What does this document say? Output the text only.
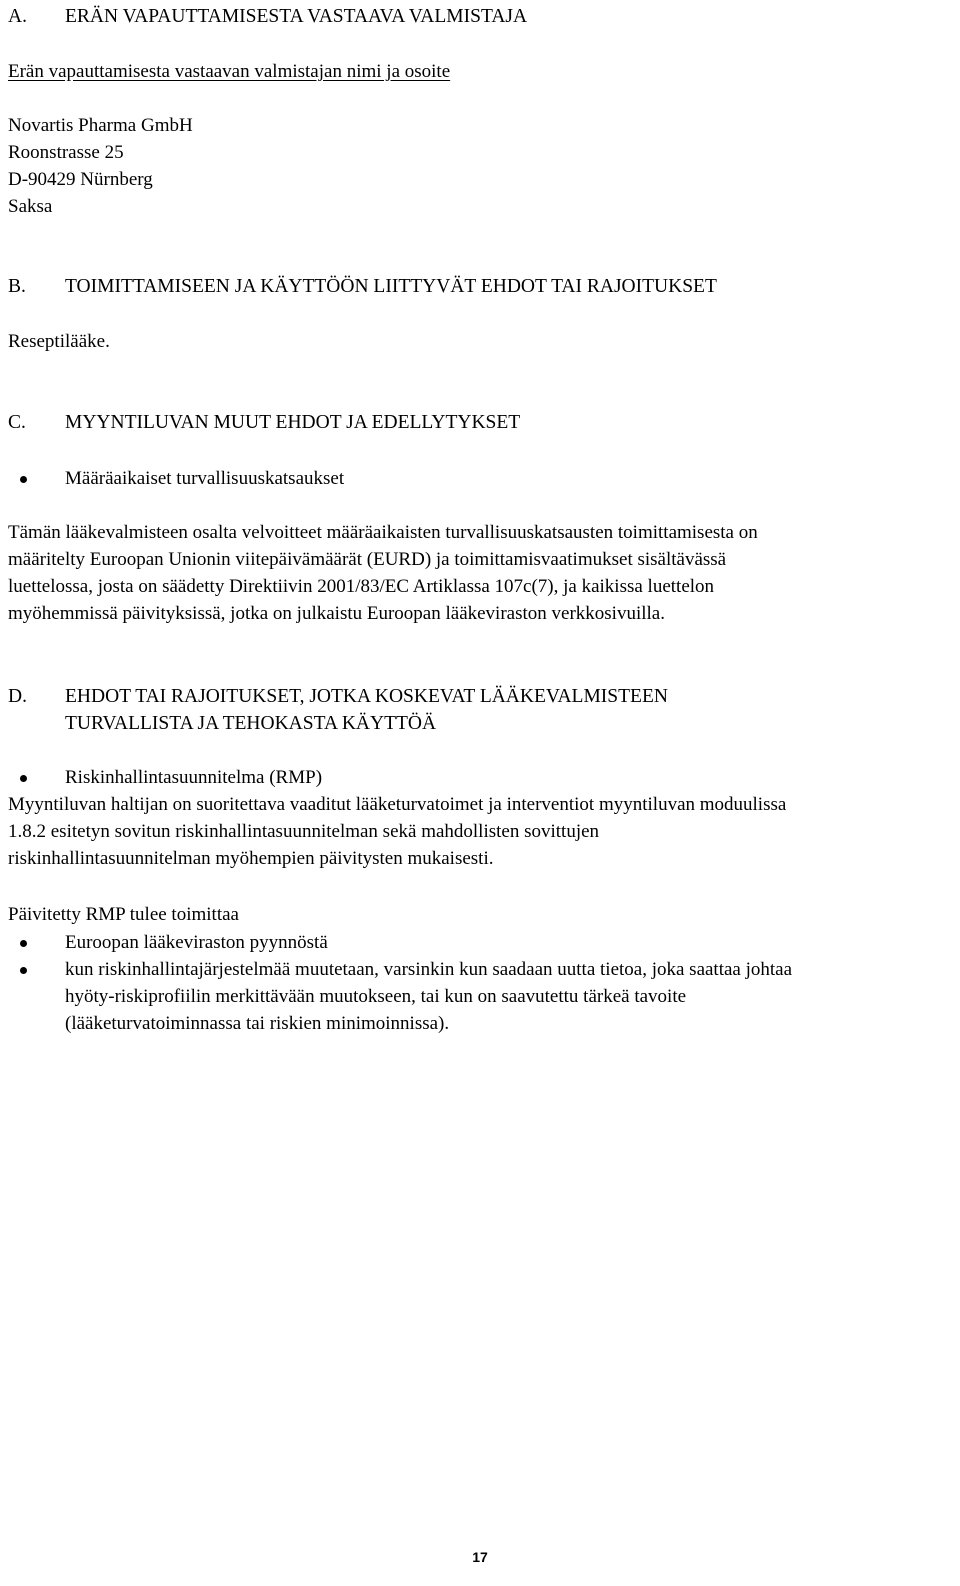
A. ERÄN VAPAUTTAMISESTA VASTAAVA VALMISTAJA
Erän vapauttamisesta vastaavan valmistajan nimi ja osoite
Novartis Pharma GmbH
Roonstrasse 25
D-90429 Nürnberg
Saksa
B. TOIMITTAMISEEN JA KÄYTTÖÖN LIITTYVÄT EHDOT TAI RAJOITUKSET
Reseptilääke.
C. MYYNTILUVAN MUUT EHDOT JA EDELLYTYKSET
Määräaikaiset turvallisuuskatsaukset
Tämän lääkevalmisteen osalta velvoitteet määräaikaisten turvallisuuskatsausten toimittamisesta on
määritelty Euroopan Unionin viitepäivämäärät (EURD) ja toimittamisvaatimukset sisältävässä
luettelossa, josta on säädetty Direktiivin 2001/83/EC Artiklassa 107c(7), ja kaikissa luettelon
myöhemmissä päivityksissä, jotka on julkaistu Euroopan lääkeviraston verkkosivuilla.
D. EHDOT TAI RAJOITUKSET, JOTKA KOSKEVAT LÄÄKEVALMISTEEN
TURVALLISTA JA TEHOKASTA KÄYTTÖÄ
Riskinhallintasuunnitelma (RMP)
Myyntiluvan haltijan on suoritettava vaaditut lääketurvatoimet ja interventiot myyntiluvan moduulissa
1.8.2 esitetyn sovitun riskinhallintasuunnitelman sekä mahdollisten sovittujen
riskinhallintasuunnitelman myöhempien päivitysten mukaisesti.
Päivitetty RMP tulee toimittaa
Euroopan lääkeviraston pyynnöstä
kun riskinhallintajärjestelmää muutetaan, varsinkin kun saadaan uutta tietoa, joka saattaa johtaa
hyöty-riskiprofiilin merkittävään muutokseen, tai kun on saavutettu tärkeä tavoite
(lääketurvatoiminnassa tai riskien minimoinnissa).
17
